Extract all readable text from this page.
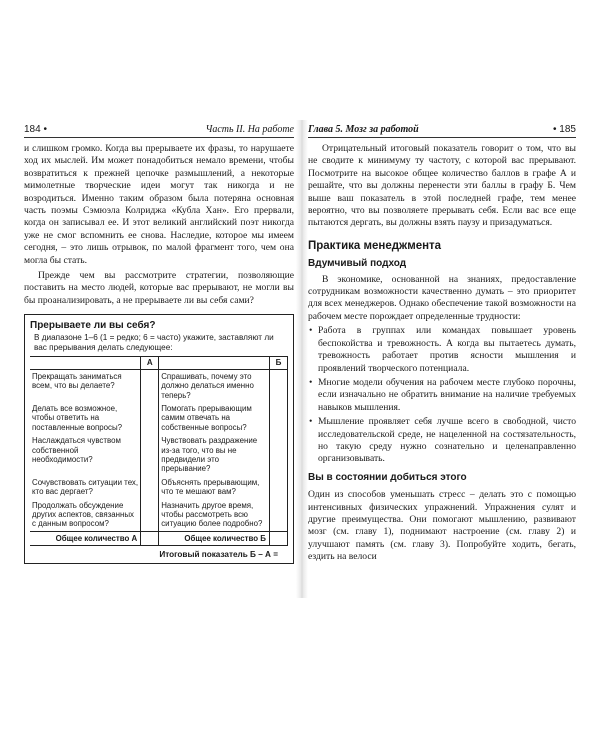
184 •	Часть II. На работе

и слишком громко. Когда вы прерываете их фразы, то нарушаете ход их мыслей. Им может понадобиться немало времени, чтобы возвратиться к прежней цепочке размышлений, а некоторые мимолетные творческие идеи могут так никогда и не возродиться. Именно таким образом была потеряна основная часть поэмы Сэмюэла Колриджа «Кубла Хан». Его прервали, когда он записывал ее. И этот великий английский поэт никогда уже не смог вспомнить ее снова. Наследие, которое мы имеем сегодня, – это лишь отрывок, по малой фрагмент того, чем она могла бы стать.

Прежде чем вы рассмотрите стратегии, позволяющие поставить на место людей, которые вас прерывают, не могли вы бы проанализировать, а не прерываете ли вы себя сами?

Прерываете ли вы себя?
В диапазоне 1–6 (1 = редко; 6 = часто) укажите, заставляют ли вас прерывания делать следующее:
	А		Б
Прекращать заниматься всем, что вы делаете?		Спрашивать, почему это должно делаться именно теперь?	
Делать все возможное, чтобы ответить на поставленные вопросы?		Помогать прерывающим самим отвечать на собственные вопросы?	
Наслаждаться чувством собственной необходимости?		Чувствовать раздражение из-за того, что вы не предвидели это прерывание?	
Сочувствовать ситуации тех, кто вас дергает?		Объяснять прерывающим, что те мешают вам?	
Продолжать обсуждение других аспектов, связанных с данным вопросом?		Назначить другое время, чтобы рассмотреть всю ситуацию более подробно?	
Общее количество А		Общее количество Б	
Итоговый показатель Б – А =
Глава 5. Мозг за работой	• 185

Отрицательный итоговый показатель говорит о том, что вы не сводите к минимуму ту частоту, с которой вас прерывают. Посмотрите на высокое общее количество баллов в графе А и решайте, что вы должны перенести эти баллы в графу Б. Чем выше ваш показатель в этой последней графе, тем менее вероятно, что вы позволяете прерывать себя. Если вас все еще пытаются дергать, вы должны взять паузу и призадуматься.

Практика менеджмента
Вдумчивый подход

В экономике, основанной на знаниях, предоставление сотрудникам возможности качественно думать – это приоритет для всех менеджеров. Однако обеспечение такой возможности на рабочем месте порождает определенные трудности:

• Работа в группах или командах повышает уровень беспокойства и тревожность. А когда вы пытаетесь думать, тревожность работает против ясности мышления и проявлений творческого потенциала.
• Многие модели обучения на рабочем месте глубоко порочны, если изначально не обратить внимание на наличие требуемых навыков мышления.
• Мышление проявляет себя лучше всего в свободной, чисто исследовательской среде, не нацеленной на состязательность, но такую среду нужно сознательно и целенаправленно организовывать.
Вы в состоянии добиться этого

Один из способов уменьшать стресс – делать это с помощью интенсивных физических упражнений. Упражнения сулят и другие преимущества. Они помогают мышлению, развивают мозг (см. главу 1), поднимают настроение (см. главу 2) и улучшают память (см. главу 3). Попробуйте ходить, бегать, ездить на велоси
